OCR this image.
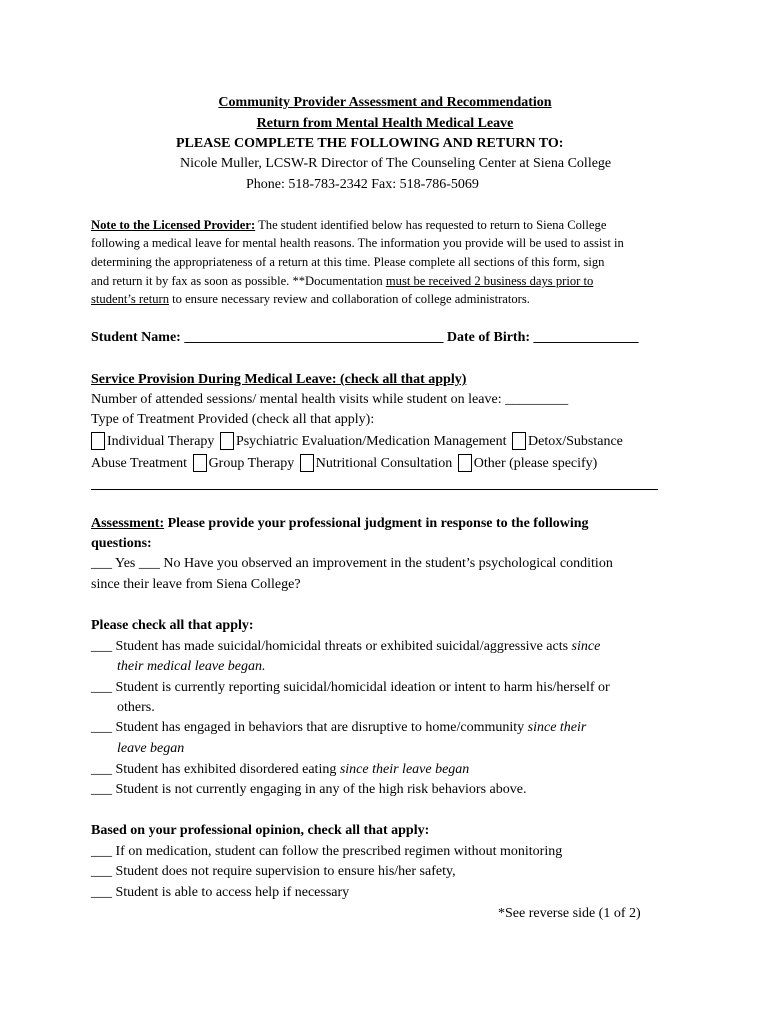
Community Provider Assessment and Recommendation
Return from Mental Health Medical Leave
PLEASE COMPLETE THE FOLLOWING AND RETURN TO:
Nicole Muller, LCSW-R Director of The Counseling Center at Siena College
Phone: 518-783-2342 Fax: 518-786-5069
Note to the Licensed Provider: The student identified below has requested to return to Siena College
following a medical leave for mental health reasons. The information you provide will be used to assist in
determining the appropriateness of a return at this time. Please complete all sections of this form, sign
and return it by fax as soon as possible. **Documentation must be received 2 business days prior to
student’s return to ensure necessary review and collaboration of college administrators.
Student Name: _____________________________________ Date of Birth: _______________
Service Provision During Medical Leave: (check all that apply)
Number of attended sessions/ mental health visits while student on leave: _________
Type of Treatment Provided (check all that apply):
Individual Therapy Psychiatric Evaluation/Medication Management Detox/Substance
Abuse Treatment Group Therapy Nutritional Consultation Other (please specify)
Assessment: Please provide your professional judgment in response to the following
questions:
___ Yes ___ No Have you observed an improvement in the student’s psychological condition
since their leave from Siena College?
Please check all that apply:
___ Student has made suicidal/homicidal threats or exhibited suicidal/aggressive acts since
their medical leave began.
___ Student is currently reporting suicidal/homicidal ideation or intent to harm his/herself or
others.
___ Student has engaged in behaviors that are disruptive to home/community since their
leave began
___ Student has exhibited disordered eating since their leave began
___ Student is not currently engaging in any of the high risk behaviors above.
Based on your professional opinion, check all that apply:
___ If on medication, student can follow the prescribed regimen without monitoring
___ Student does not require supervision to ensure his/her safety,
___ Student is able to access help if necessary
*See reverse side (1 of 2)
